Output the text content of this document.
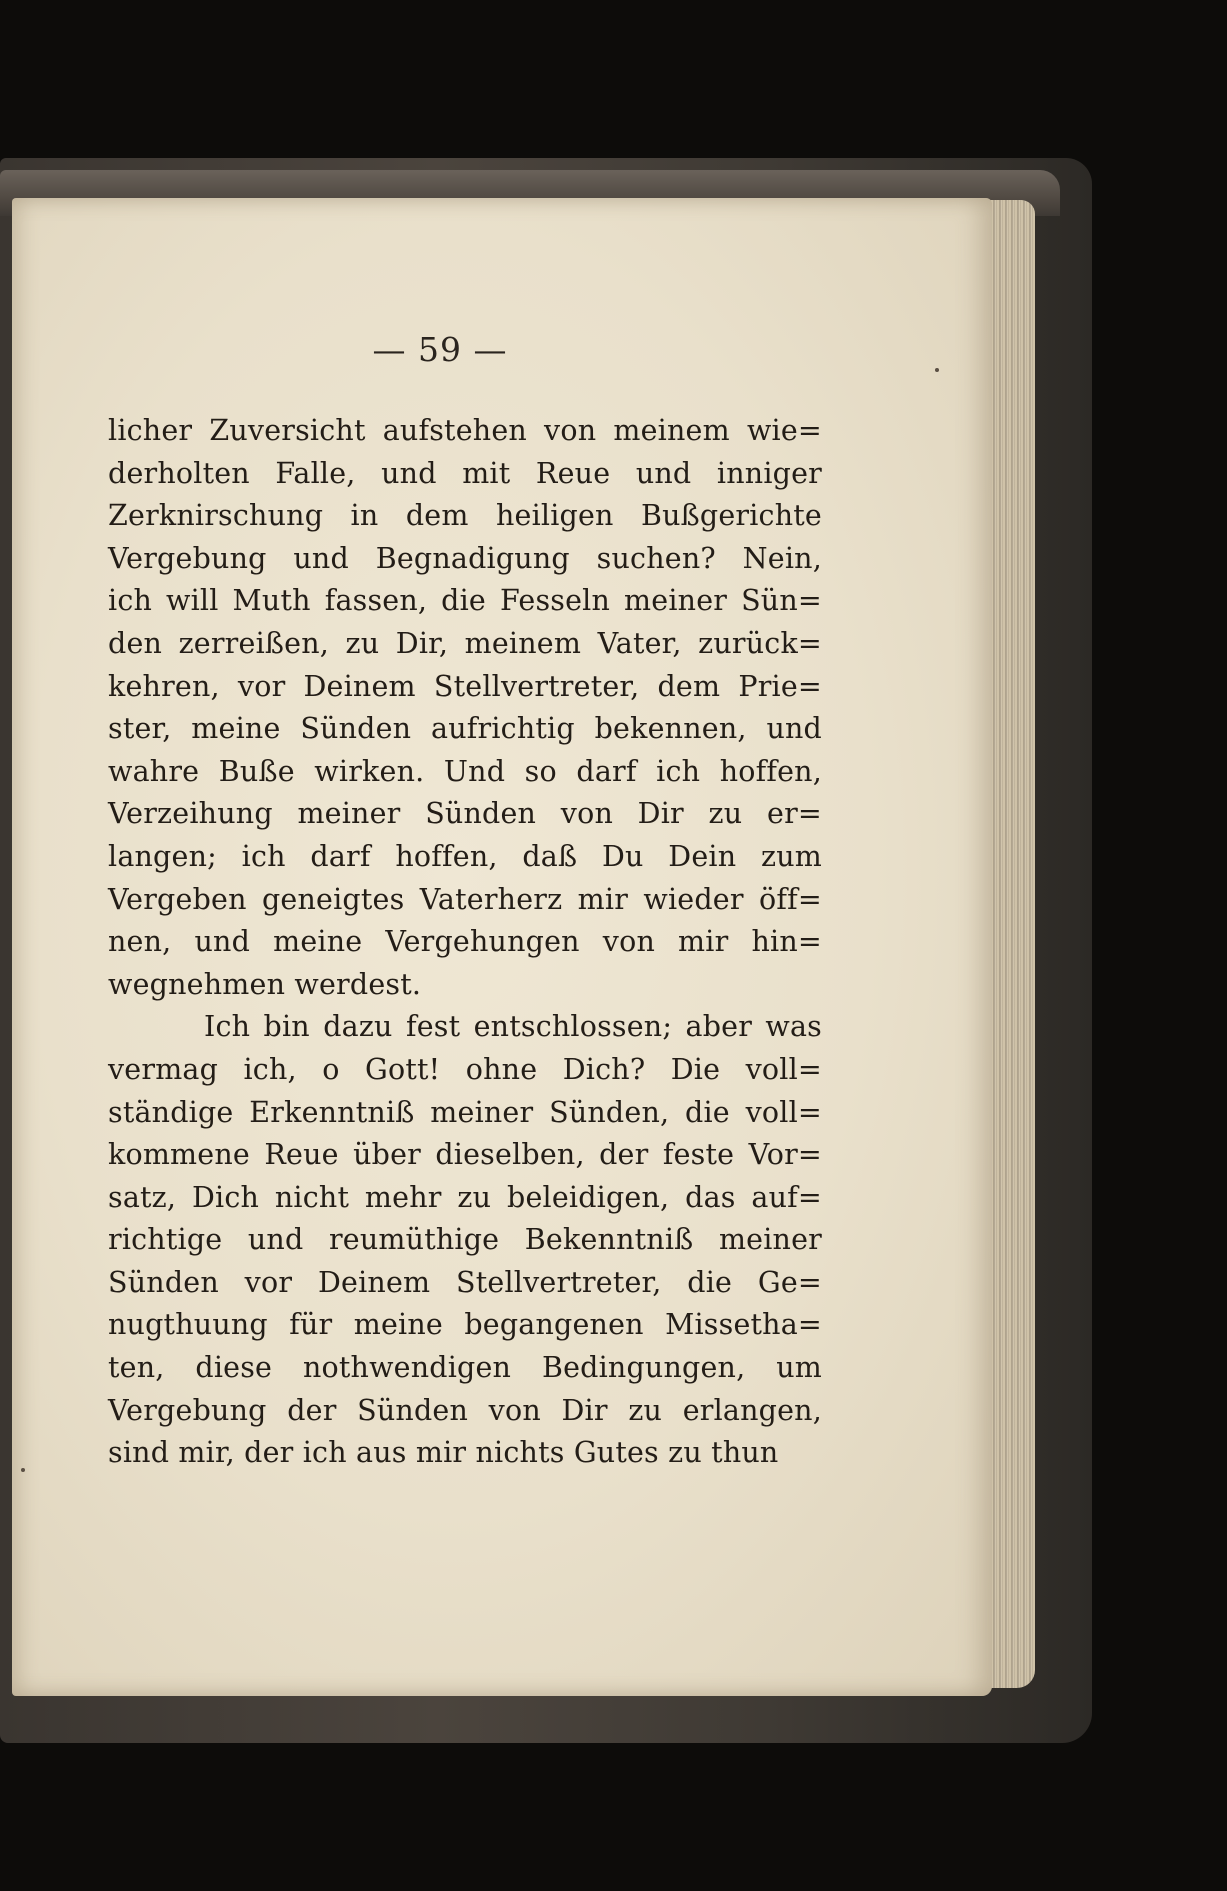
— 59 —
licher Zuversicht aufstehen von meinem wie=
derholten Falle, und mit Reue und inniger
Zerknirschung in dem heiligen Bußgerichte
Vergebung und Begnadigung suchen? Nein,
ich will Muth fassen, die Fesseln meiner Sün=
den zerreißen, zu Dir, meinem Vater, zurück=
kehren, vor Deinem Stellvertreter, dem Prie=
ster, meine Sünden aufrichtig bekennen, und
wahre Buße wirken. Und so darf ich hoffen,
Verzeihung meiner Sünden von Dir zu er=
langen; ich darf hoffen, daß Du Dein zum
Vergeben geneigtes Vaterherz mir wieder öff=
nen, und meine Vergehungen von mir hin=
wegnehmen werdest.
Ich bin dazu fest entschlossen; aber was
vermag ich, o Gott! ohne Dich? Die voll=
ständige Erkenntniß meiner Sünden, die voll=
kommene Reue über dieselben, der feste Vor=
satz, Dich nicht mehr zu beleidigen, das auf=
richtige und reumüthige Bekenntniß meiner
Sünden vor Deinem Stellvertreter, die Ge=
nugthuung für meine begangenen Missetha=
ten, diese nothwendigen Bedingungen, um
Vergebung der Sünden von Dir zu erlangen,
sind mir, der ich aus mir nichts Gutes zu thun
